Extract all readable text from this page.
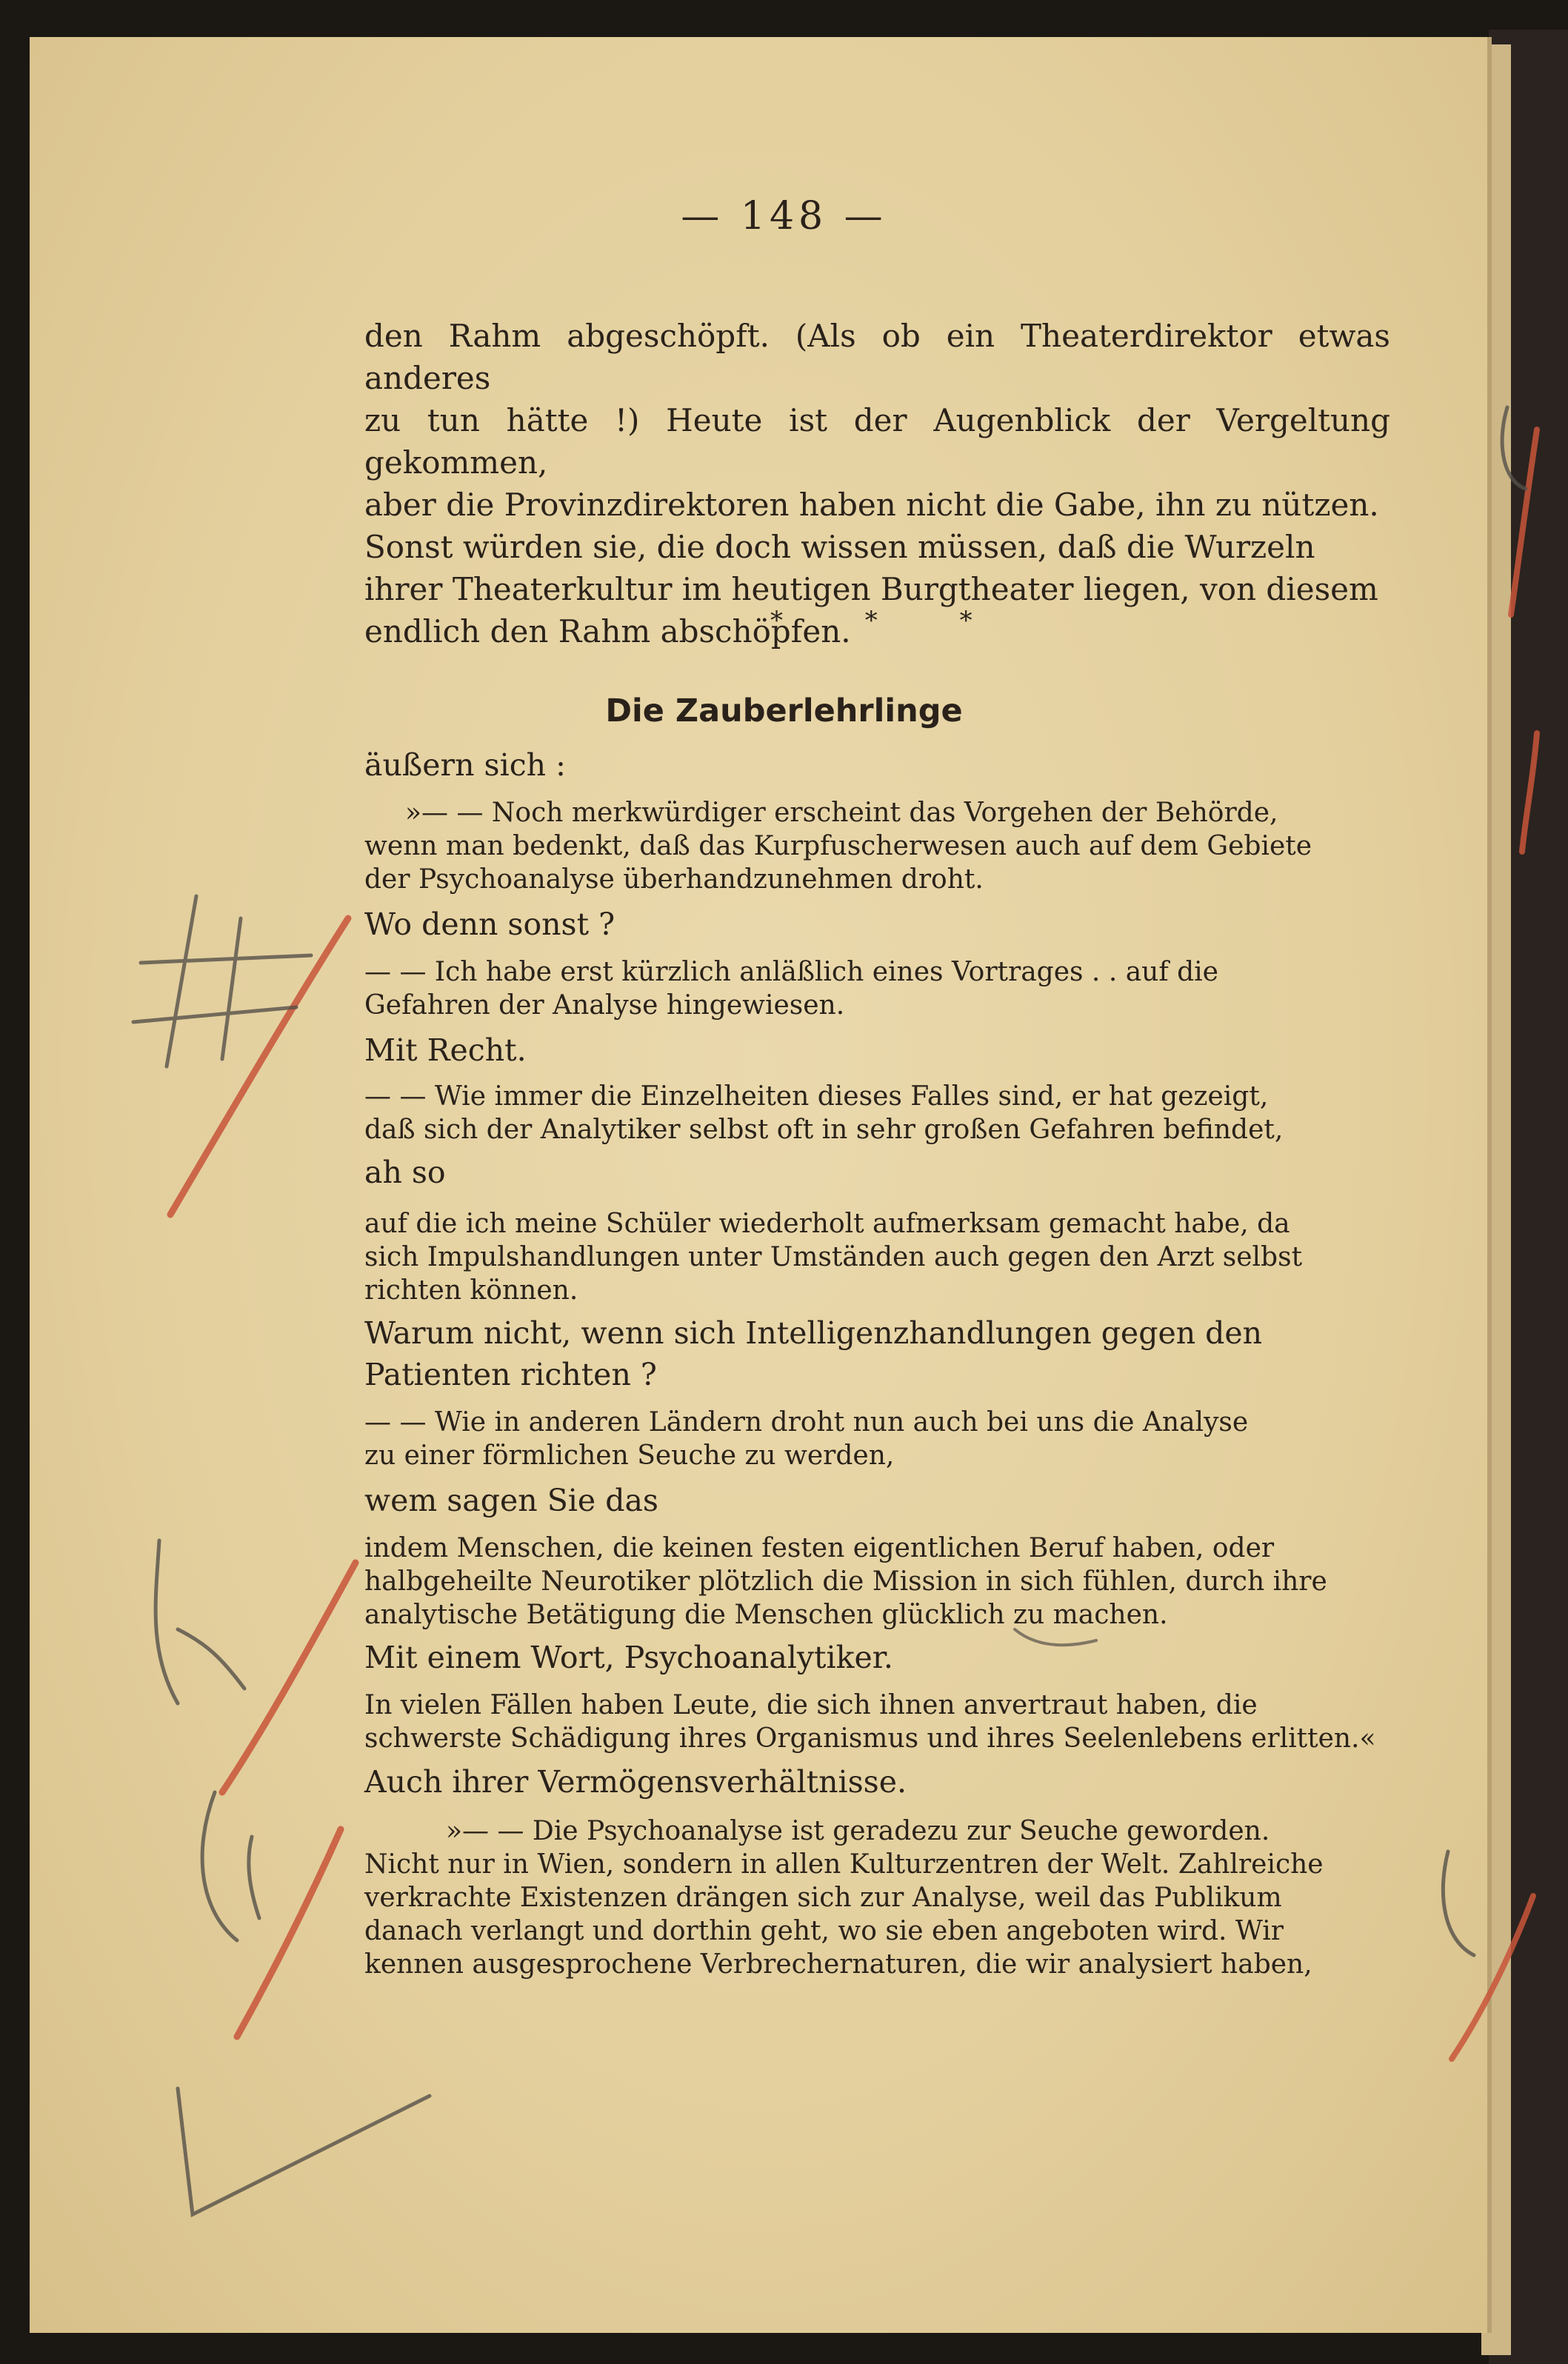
— 148 —
den Rahm abgeschöpft. (Als ob ein Theaterdirektor etwas anderes
zu tun hätte !) Heute ist der Augenblick der Vergeltung gekommen,
aber die Provinzdirektoren haben nicht die Gabe, ihn zu nützen.
Sonst würden sie, die doch wissen müssen, daß die Wurzeln
ihrer Theaterkultur im heutigen Burgtheater liegen, von diesem
endlich den Rahm abschöpfen.
* * *
Die Zauberlehrlinge
äußern sich :
»— — Noch merkwürdiger erscheint das Vorgehen der Behörde,
wenn man bedenkt, daß das Kurpfuscherwesen auch auf dem Gebiete
der Psychoanalyse überhandzunehmen droht.
Wo denn sonst ?
— — Ich habe erst kürzlich anläßlich eines Vortrages . . auf die
Gefahren der Analyse hingewiesen.
Mit Recht.
— — Wie immer die Einzelheiten dieses Falles sind, er hat gezeigt,
daß sich der Analytiker selbst oft in sehr großen Gefahren befindet,
ah so
auf die ich meine Schüler wiederholt aufmerksam gemacht habe, da
sich Impulshandlungen unter Umständen auch gegen den Arzt selbst
richten können.
Warum nicht, wenn sich Intelligenzhandlungen gegen den
Patienten richten ?
— — Wie in anderen Ländern droht nun auch bei uns die Analyse
zu einer förmlichen Seuche zu werden,
wem sagen Sie das
indem Menschen, die keinen festen eigentlichen Beruf haben, oder
halbgeheilte Neurotiker plötzlich die Mission in sich fühlen, durch ihre
analytische Betätigung die Menschen glücklich zu machen.
Mit einem Wort, Psychoanalytiker.
In vielen Fällen haben Leute, die sich ihnen anvertraut haben, die
schwerste Schädigung ihres Organismus und ihres Seelenlebens erlitten.«
Auch ihrer Vermögensverhältnisse.
»— — Die Psychoanalyse ist geradezu zur Seuche geworden.
Nicht nur in Wien, sondern in allen Kulturzentren der Welt. Zahlreiche
verkrachte Existenzen drängen sich zur Analyse, weil das Publikum
danach verlangt und dorthin geht, wo sie eben angeboten wird. Wir
kennen ausgesprochene Verbrechernaturen, die wir analysiert haben,
